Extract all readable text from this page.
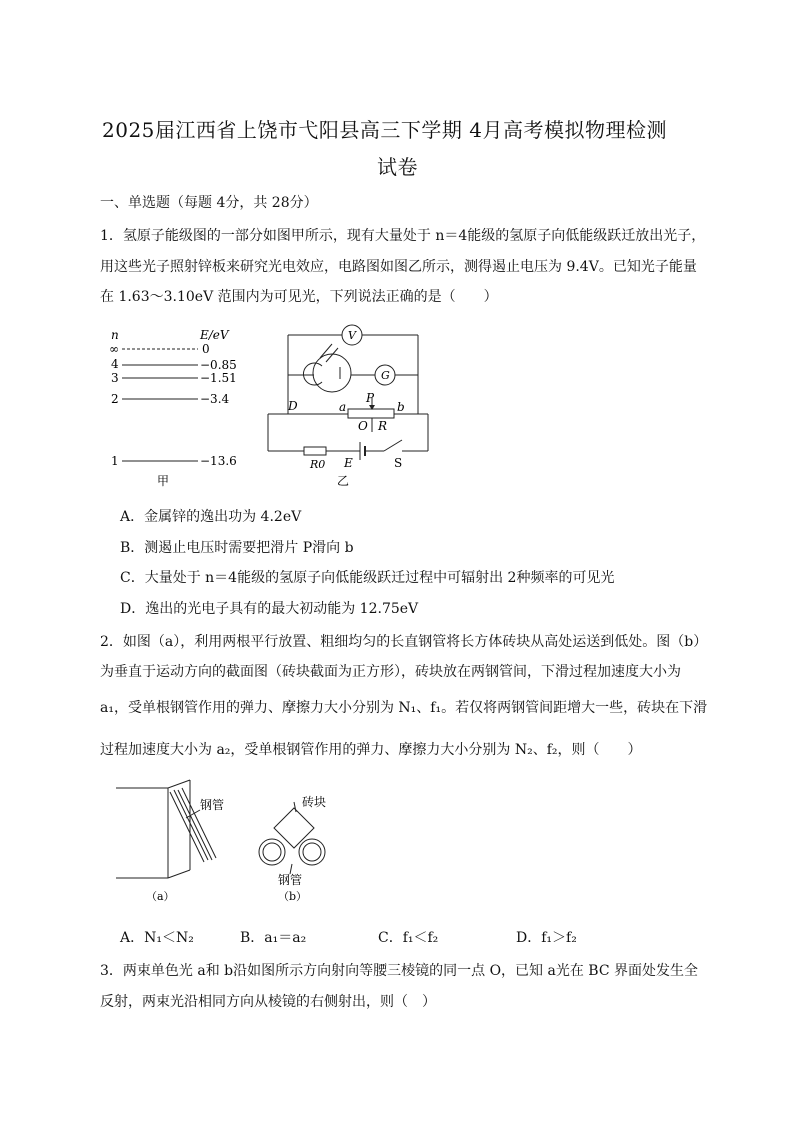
2025届江西省上饶市弋阳县高三下学期 4月高考模拟物理检测
试卷
一、单选题（每题 4分，共 28分）
1．氢原子能级图的一部分如图甲所示，现有大量处于 n＝4能级的氢原子向低能级跃迁放出光子，
用这些光子照射锌板来研究光电效应，电路图如图乙所示，测得遏止电压为 9.4V。已知光子能量
在 1.63～3.10eV 范围内为可见光，下列说法正确的是（　　）
n	E/eV
∞	0
4	−0.85
3	−1.51
2	−3.4
1	−13.6
甲
V
G
D	a
P
b
O R
R0 E	S
乙
A．金属锌的逸出功为 4.2eV
B．测遏止电压时需要把滑片 P滑向 b
C．大量处于 n＝4能级的氢原子向低能级跃迁过程中可辐射出 2种频率的可见光
D．逸出的光电子具有的最大初动能为 12.75eV
2．如图（a），利用两根平行放置、粗细均匀的长直钢管将长方体砖块从高处运送到低处。图（b）
为垂直于运动方向的截面图（砖块截面为正方形），砖块放在两钢管间，下滑过程加速度大小为
a₁，受单根钢管作用的弹力、摩擦力大小分别为 N₁、f₁。若仅将两钢管间距增大一些，砖块在下滑
过程加速度大小为 a₂，受单根钢管作用的弹力、摩擦力大小分别为 N₂、f₂，则（　　）
钢管
（a）
砖块
钢管
（b）
A．N₁＜N₂	B．a₁＝a₂	C．f₁＜f₂	D．f₁＞f₂
3．两束单色光 a和 b沿如图所示方向射向等腰三棱镜的同一点 O，已知 a光在 BC 界面处发生全
反射，两束光沿相同方向从棱镜的右侧射出，则（　）
